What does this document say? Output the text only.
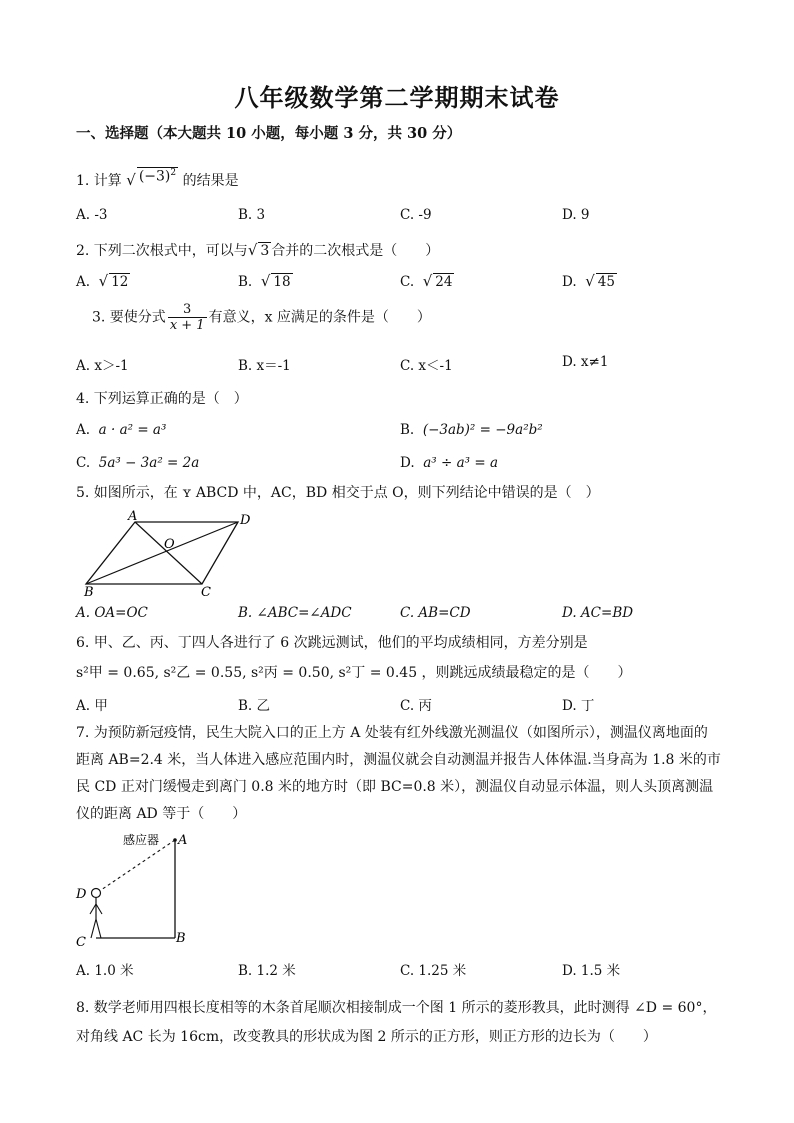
八年级数学第二学期期末试卷
一、选择题（本大题共 10 小题，每小题 3 分，共 30 分）
1. 计算 √ $(-3)^2$ 的结果是
A. -3	B. 3	C. -9	D. 9
2. 下列二次根式中，可以与√ 3 合并的二次根式是（　　）
A. √ 12	B. √ 18	C. √ 24	D. √ 45
3. 要使分式 $\frac{3}{x + 1}$ 有意义，x 应满足的条件是（　　）
A. x＞-1	B. x＝-1	C. x＜-1	D. x≠1
4. 下列运算正确的是（　）
A. a · a² = a³	B. (−3ab)² = −9a²b²
C. 5a³ − 3a² = 2a	D. a³ ÷ a³ = a
5. 如图所示，在 ʏ ABCD 中，AC，BD 相交于点 O，则下列结论中错误的是（　）
A	D
O
B	C
A. OA=OC	B. ∠ABC=∠ADC	C. AB=CD	D. AC=BD
6. 甲、乙、丙、丁四人各进行了 6 次跳远测试，他们的平均成绩相同，方差分别是
s²甲 = 0.65, s²乙 = 0.55, s²丙 = 0.50, s²丁 = 0.45 ，则跳远成绩最稳定的是（　　）
A. 甲	B. 乙	C. 丙	D. 丁
7. 为预防新冠疫情，民生大院入口的正上方 A 处装有红外线激光测温仪（如图所示），测温仪离地面的
距离 AB=2.4 米，当人体进入感应范围内时，测温仪就会自动测温并报告人体体温.当身高为 1.8 米的市
民 CD 正对门缓慢走到离门 0.8 米的地方时（即 BC=0.8 米），测温仪自动显示体温，则人头顶离测温
仪的距离 AD 等于（　　）
感应器 A
D
C	B
A. 1.0 米	B. 1.2 米	C. 1.25 米	D. 1.5 米
8. 数学老师用四根长度相等的木条首尾顺次相接制成一个图 1 所示的菱形教具，此时测得 ∠D = 60°，
对角线 AC 长为 16cm，改变教具的形状成为图 2 所示的正方形，则正方形的边长为（　　）
